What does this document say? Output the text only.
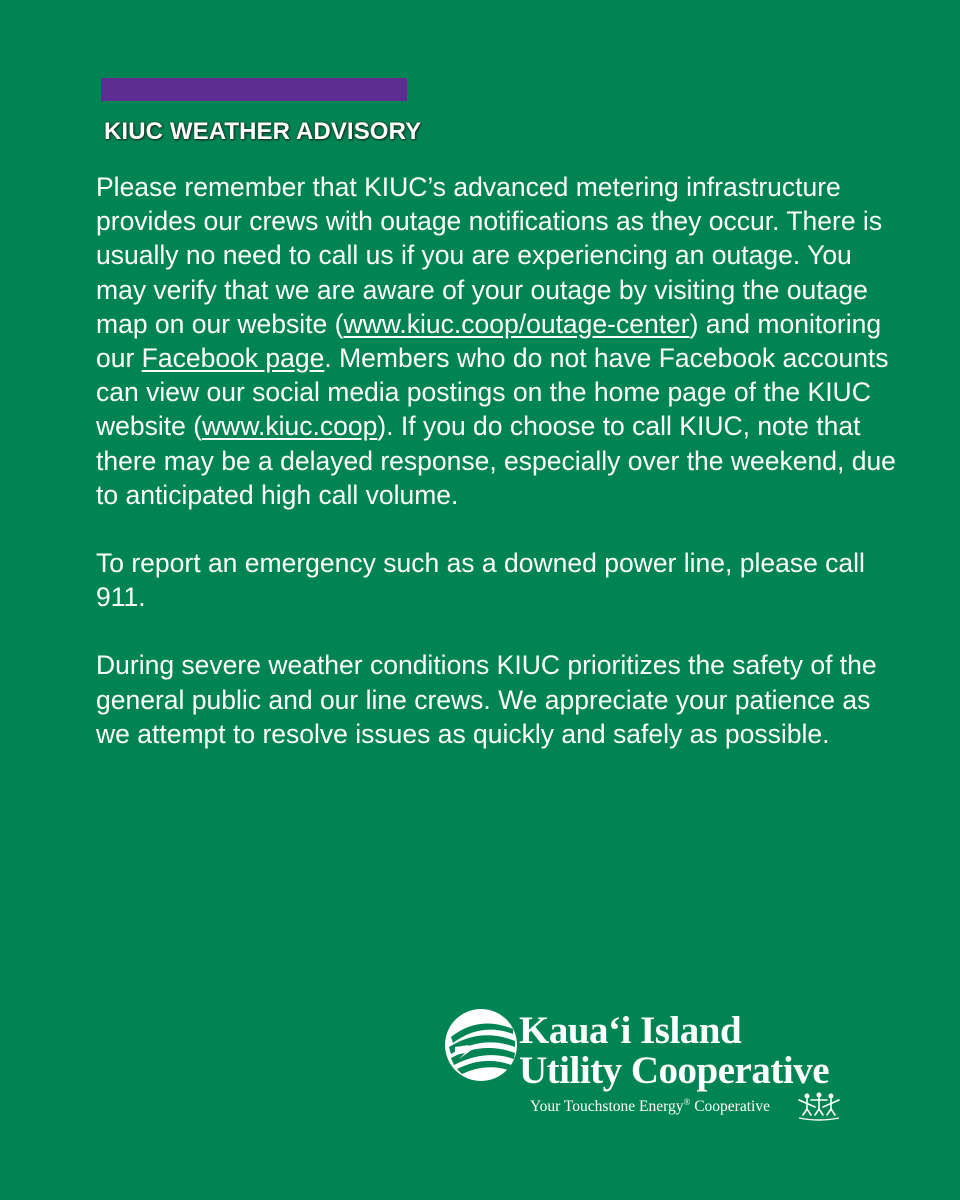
KIUC WEATHER ADVISORY

Please remember that KIUC’s advanced metering infrastructure provides our crews with outage notifications as they occur. There is usually no need to call us if you are experiencing an outage. You may verify that we are aware of your outage by visiting the outage map on our website (www.kiuc.coop/outage-center) and monitoring our Facebook page. Members who do not have Facebook accounts can view our social media postings on the home page of the KIUC website (www.kiuc.coop). If you do choose to call KIUC, note that there may be a delayed response, especially over the weekend, due to anticipated high call volume.

To report an emergency such as a downed power line, please call 911.

During severe weather conditions KIUC prioritizes the safety of the general public and our line crews. We appreciate your patience as we attempt to resolve issues as quickly and safely as possible.

Kaua‘i Island
Utility Cooperative
Your Touchstone Energy® Cooperative
